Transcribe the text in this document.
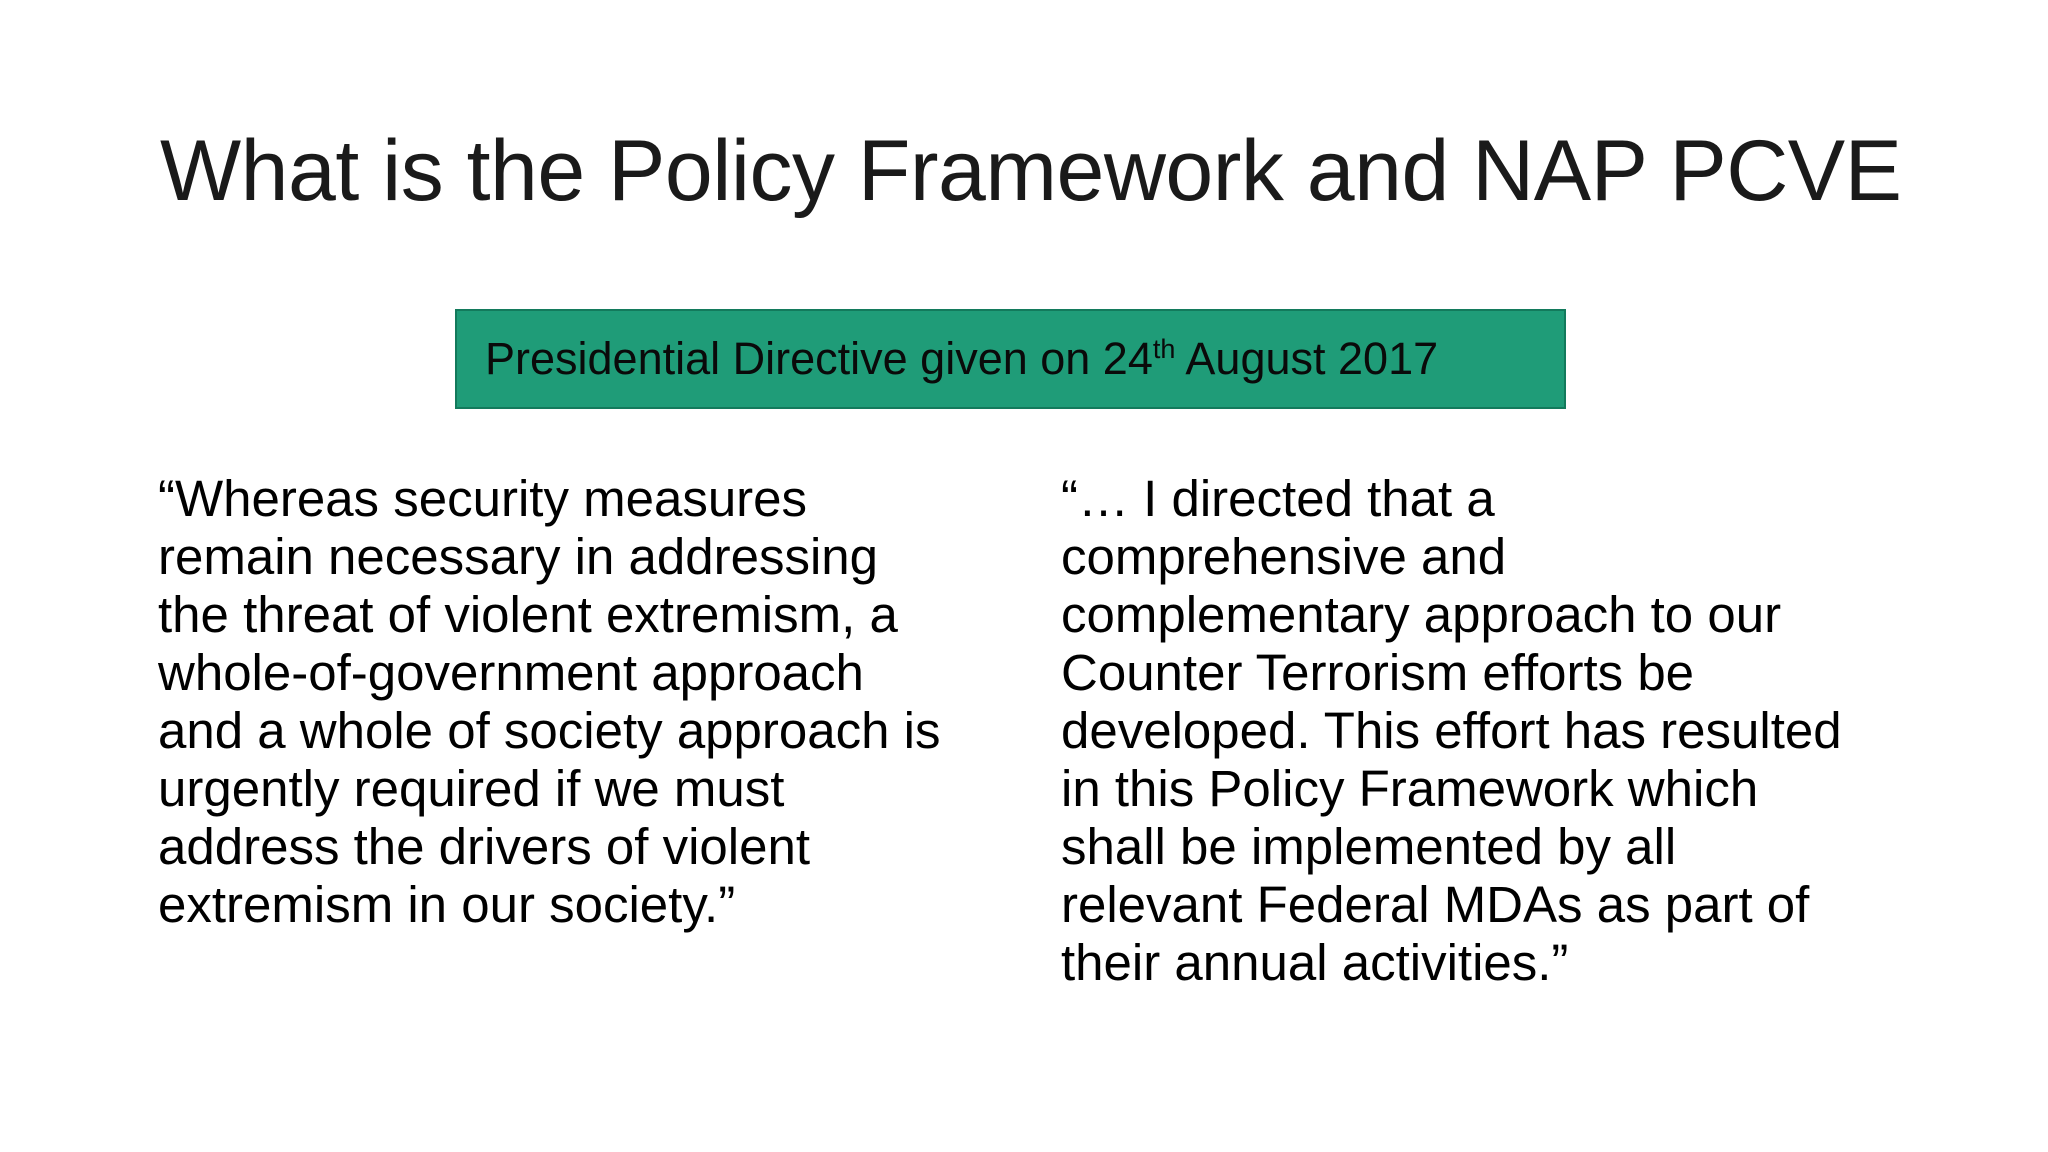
What is the Policy Framework and NAP PCVE
Presidential Directive given on 24th August 2017
“Whereas security measures
remain necessary in addressing
the threat of violent extremism, a
whole-of-government approach
and a whole of society approach is
urgently required if we must
address the drivers of violent
extremism in our society.”
“… I directed that a
comprehensive and
complementary approach to our
Counter Terrorism efforts be
developed. This effort has resulted
in this Policy Framework which
shall be implemented by all
relevant Federal MDAs as part of
their annual activities.”
